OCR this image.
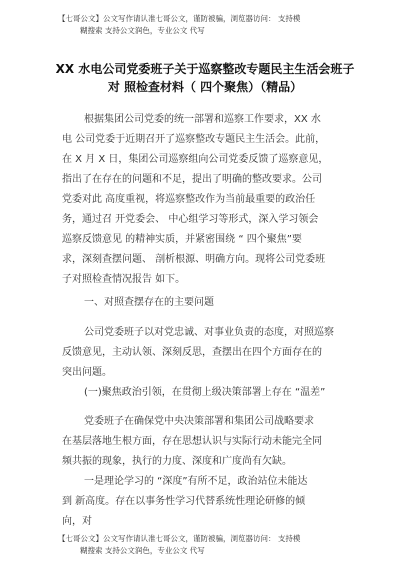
【七哥公文】公文写作请认准七哥公文，谨防被骗，浏览器访问： 支持模
糊搜索 支持公文润色，专业公文 代写
XX 水电公司党委班子关于巡察整改专题民主生活会班子
对 照检查材料（ 四个聚焦）（精品）
根据集团公司党委的统一部署和巡察工作要求，XX 水
电 公司党委于近期召开了巡察整改专题民主生活会。此前，
在 X 月 X 日，集团公司巡察组向公司党委反馈了巡察意见，
指出了在存在的问题和不足，提出了明确的整改要求。公司
党委对此 高度重视，将巡察整改作为当前最重要的政治任
务，通过召 开党委会、 中心组学习等形式，深入学习领会
巡察反馈意见 的精神实质，并紧密围绕 “ 四个聚焦”要
求，深刻查摆问题、 剖析根源、明确方向。现将公司党委班
子对照检查情况报告 如下。
一、对照查摆存在的主要问题
公司党委班子以对党忠诚、对事业负责的态度，对照巡察
反馈意见，主动认领、深刻反思，查摆出在四个方面存在的
突出问题。
(一)聚焦政治引领，在贯彻上级决策部署上存在 “温差”
党委班子在确保党中央决策部署和集团公司战略要求
在基层落地生根方面，存在思想认识与实际行动未能完全同
频共振的现象，执行的力度、深度和广度尚有欠缺。
一是理论学习的 “深度”有所不足，政治站位未能达
到 新高度。存在以事务性学习代替系统性理论研修的倾
向，对
【七哥公文】公文写作请认准七哥公文，谨防被骗，浏览器访问： 支持模
糊搜索 支持公文润色，专业公文 代写
